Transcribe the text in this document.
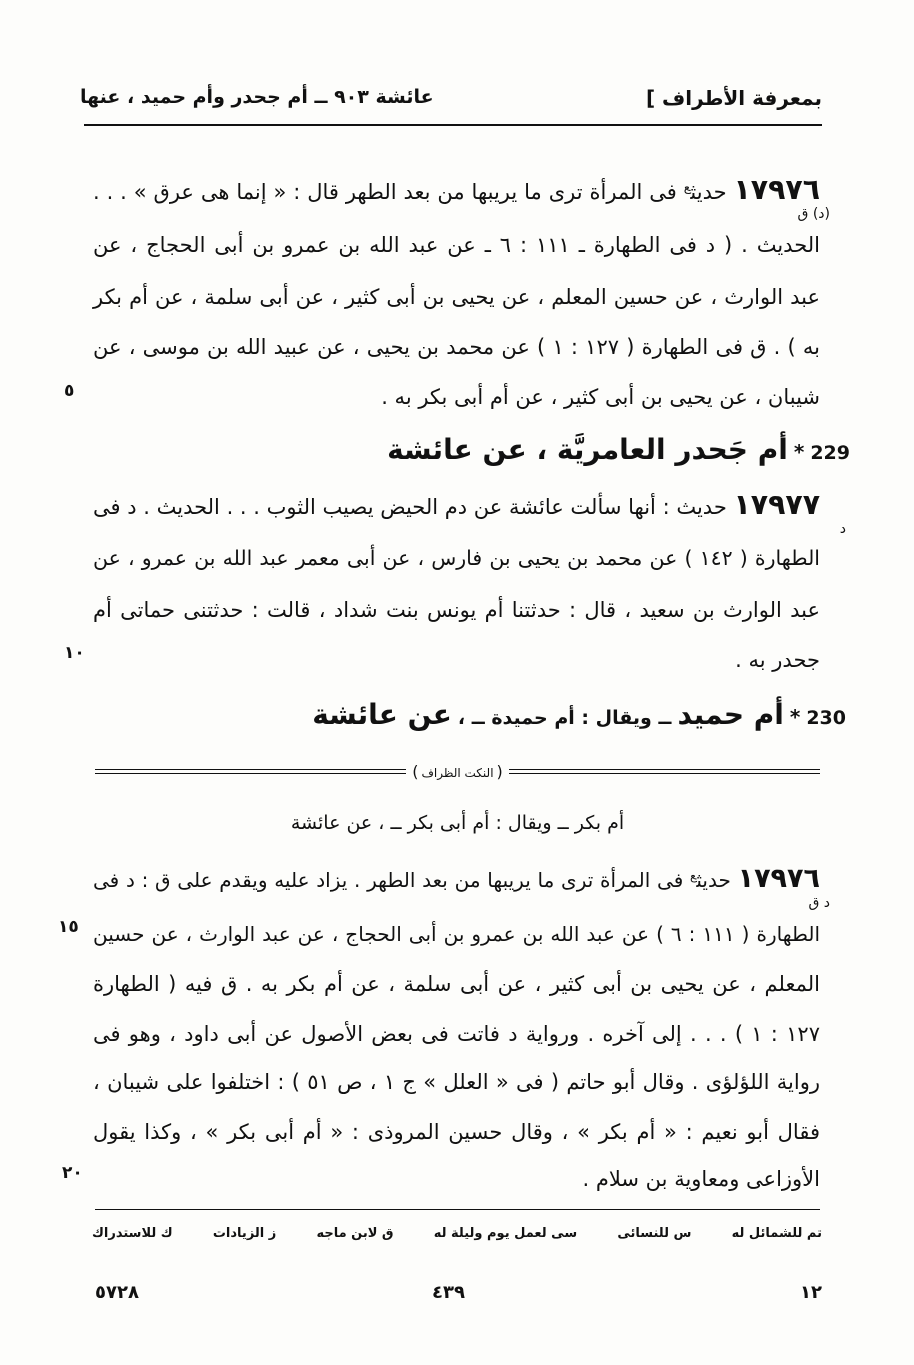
بمعرفة الأطراف ]
عائشة ٩٠٣ ــ أم جحدر وأم حميد ، عنها
١٧٩٧٦ حديث$^ع$ فى المرأة ترى ما يريبها من بعد الطهر قال : « إنما هى عرق » . . .
(د) ق
الحديث . ( د فى الطهارة ـ ١١١ : ٦ ـ عن عبد الله بن عمرو بن أبى الحجاج ، عن
عبد الوارث ، عن حسين المعلم ، عن يحيى بن أبى كثير ، عن أبى سلمة ، عن أم بكر
به ) . ق فى الطهارة ( ١٢٧ : ١ ) عن محمد بن يحيى ، عن عبيد الله بن موسى ، عن
شيبان ، عن يحيى بن أبى كثير ، عن أم أبى بكر به .
٥
229*أم جَحدر العامريَّة ، عن عائشة
١٧٩٧٧ حديث : أنها سألت عائشة عن دم الحيض يصيب الثوب . . . الحديث . د فى
د
الطهارة ( ١٤٢ ) عن محمد بن يحيى بن فارس ، عن أبى معمر عبد الله بن عمرو ، عن
عبد الوارث بن سعيد ، قال : حدثتنا أم يونس بنت شداد ، قالت : حدثتنى حماتى أم
جحدر به .
١٠
230*أم حميدــ ويقال : أم حميدة ــ ،عن عائشة
( النكت الظراف )
أم بكر ــ ويقال : أم أبى بكر ــ ، عن عائشة
١٧٩٧٦ حديث$^ع$ فى المرأة ترى ما يريبها من بعد الطهر . يزاد عليه ويقدم على ق : د فى
د ق
الطهارة ( ١١١ : ٦ ) عن عبد الله بن عمرو بن أبى الحجاج ، عن عبد الوارث ، عن حسين
١٥
المعلم ، عن يحيى بن أبى كثير ، عن أبى سلمة ، عن أم بكر به . ق فيه ( الطهارة
١٢٧ : ١ ) . . . إلى آخره . ورواية د فاتت فى بعض الأصول عن أبى داود ، وهو فى
رواية اللؤلؤى . وقال أبو حاتم ( فى « العلل » ج ١ ، ص ٥١ ) : اختلفوا على شيبان ،
فقال أبو نعيم : « أم بكر » ، وقال حسين المروذى : « أم أبى بكر » ، وكذا يقول
الأوزاعى ومعاوية بن سلام .
٢٠
تم للشمائل له
س للنسائى
سى لعمل يوم وليلة له
ق لابن ماجه
ز الزيادات
ك للاستدراك
١٢
٤٣٩
٥٧٢٨
